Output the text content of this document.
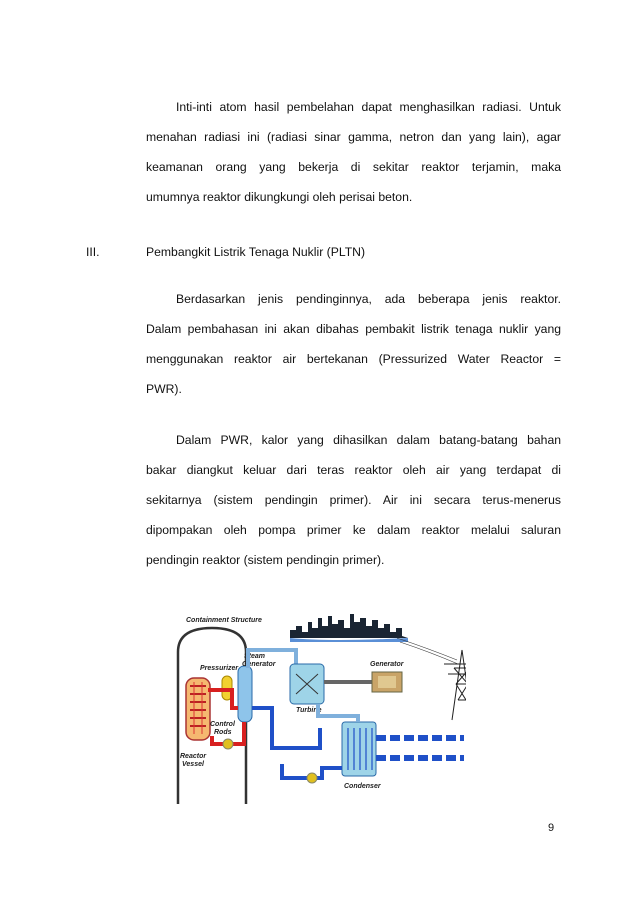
Inti-inti atom hasil pembelahan dapat menghasilkan radiasi. Untuk
menahan radiasi ini (radiasi sinar gamma, netron dan yang lain), agar
keamanan orang yang bekerja di sekitar reaktor terjamin, maka
umumnya reaktor dikungkungi oleh perisai beton.
III.	Pembangkit Listrik Tenaga Nuklir (PLTN)
Berdasarkan jenis pendinginnya, ada beberapa jenis reaktor.
Dalam pembahasan ini akan dibahas pembakit listrik tenaga nuklir yang
menggunakan reaktor air bertekanan (Pressurized Water Reactor =
PWR).
Dalam PWR, kalor yang dihasilkan dalam batang-batang bahan
bakar diangkut keluar dari teras reaktor oleh air yang terdapat di
sekitarnya (sistem pendingin primer). Air ini secara terus-menerus
dipompakan oleh pompa primer ke dalam reaktor melalui saluran
pendingin reaktor (sistem pendingin primer).
Containment Structure
Reactor
Vessel
Control
Rods
Pressurizer
Steam
Generator
Turbine
Generator
Condenser
9
